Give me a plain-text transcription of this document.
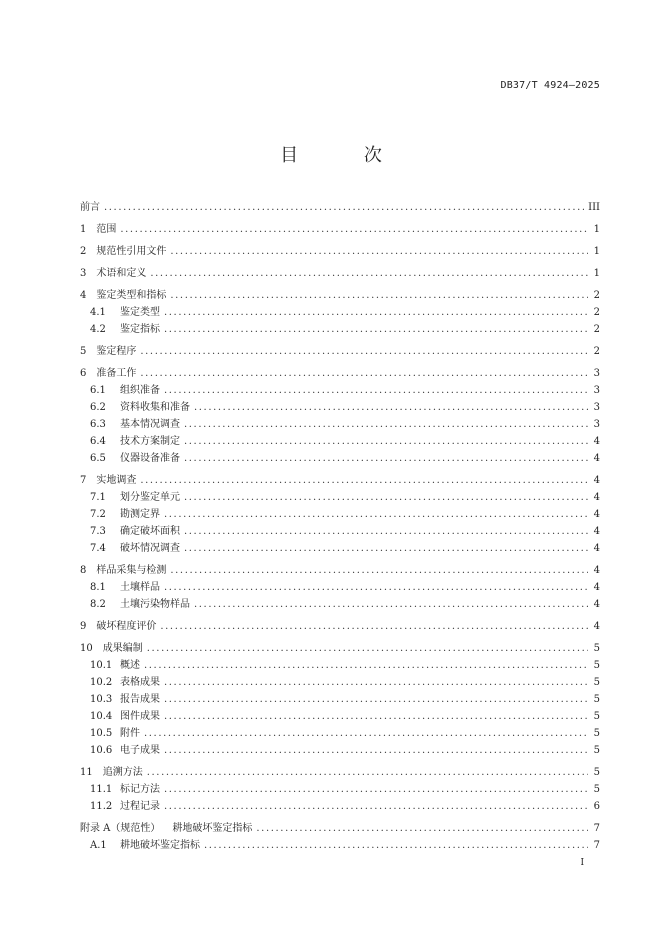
DB37/T 4924—2025
目 次
前言 .....	III
1 范围 .....	1
2 规范性引用文件 .....	1
3 术语和定义 .....	1
4 鉴定类型和指标 .....	2
4.1	鉴定类型 .....	2
4.2	鉴定指标 .....	2
5 鉴定程序 .....	2
6 准备工作 .....	3
6.1	组织准备 .....	3
6.2	资料收集和准备 .....	3
6.3	基本情况调查 .....	3
6.4	技术方案制定 .....	4
6.5	仪器设备准备 .....	4
7 实地调查 .....	4
7.1	划分鉴定单元 .....	4
7.2	勘测定界 .....	4
7.3	确定破坏面积 .....	4
7.4	破坏情况调查 .....	4
8 样品采集与检测 .....	4
8.1	土壤样品 .....	4
8.2	土壤污染物样品 .....	4
9 破坏程度评价 .....	4
10 成果编制 .....	5
10.1 概述 .....	5
10.2 表格成果 .....	5
10.3 报告成果 .....	5
10.4 图件成果 .....	5
10.5 附件 .....	5
10.6 电子成果 .....	5
11 追溯方法 .....	5
11.1 标记方法 .....	5
11.2 过程记录 .....	6
附录 A（规范性） 耕地破坏鉴定指标 .....	7
A.1	耕地破坏鉴定指标 .....	7
I
